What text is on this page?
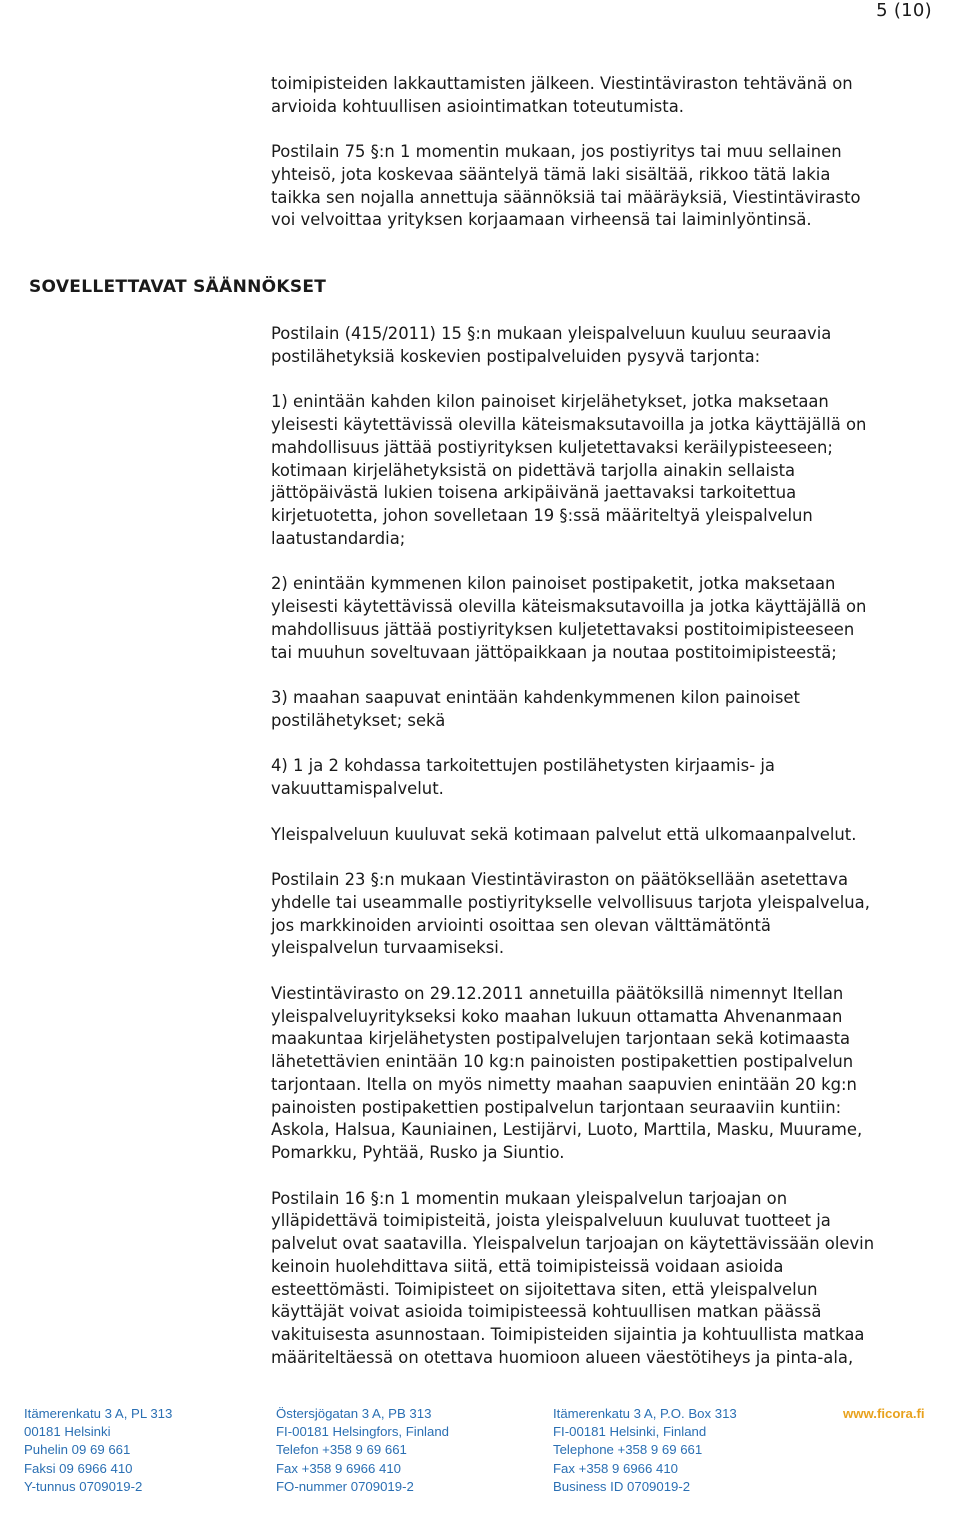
5 (10)
toimipisteiden lakkauttamisten jälkeen. Viestintäviraston tehtävänä on
arvioida kohtuullisen asiointimatkan toteutumista.
Postilain 75 §:n 1 momentin mukaan, jos postiyritys tai muu sellainen
yhteisö, jota koskevaa sääntelyä tämä laki sisältää, rikkoo tätä lakia
taikka sen nojalla annettuja säännöksiä tai määräyksiä, Viestintävirasto
voi velvoittaa yrityksen korjaamaan virheensä tai laiminlyöntinsä.
SOVELLETTAVAT SÄÄNNÖKSET
Postilain (415/2011) 15 §:n mukaan yleispalveluun kuuluu seuraavia
postilähetyksiä koskevien postipalveluiden pysyvä tarjonta:
1) enintään kahden kilon painoiset kirjelähetykset, jotka maksetaan
yleisesti käytettävissä olevilla käteismaksutavoilla ja jotka käyttäjällä on
mahdollisuus jättää postiyrityksen kuljetettavaksi keräilypisteeseen;
kotimaan kirjelähetyksistä on pidettävä tarjolla ainakin sellaista
jättöpäivästä lukien toisena arkipäivänä jaettavaksi tarkoitettua
kirjetuotetta, johon sovelletaan 19 §:ssä määriteltyä yleispalvelun
laatustandardia;
2) enintään kymmenen kilon painoiset postipaketit, jotka maksetaan
yleisesti käytettävissä olevilla käteismaksutavoilla ja jotka käyttäjällä on
mahdollisuus jättää postiyrityksen kuljetettavaksi postitoimipisteeseen
tai muuhun soveltuvaan jättöpaikkaan ja noutaa postitoimipisteestä;
3) maahan saapuvat enintään kahdenkymmenen kilon painoiset
postilähetykset; sekä
4) 1 ja 2 kohdassa tarkoitettujen postilähetysten kirjaamis- ja
vakuuttamispalvelut.
Yleispalveluun kuuluvat sekä kotimaan palvelut että ulkomaanpalvelut.
Postilain 23 §:n mukaan Viestintäviraston on päätöksellään asetettava
yhdelle tai useammalle postiyritykselle velvollisuus tarjota yleispalvelua,
jos markkinoiden arviointi osoittaa sen olevan välttämätöntä
yleispalvelun turvaamiseksi.
Viestintävirasto on 29.12.2011 annetuilla päätöksillä nimennyt Itellan
yleispalveluyritykseksi koko maahan lukuun ottamatta Ahvenanmaan
maakuntaa kirjelähetysten postipalvelujen tarjontaan sekä kotimaasta
lähetettävien enintään 10 kg:n painoisten postipakettien postipalvelun
tarjontaan. Itella on myös nimetty maahan saapuvien enintään 20 kg:n
painoisten postipakettien postipalvelun tarjontaan seuraaviin kuntiin:
Askola, Halsua, Kauniainen, Lestijärvi, Luoto, Marttila, Masku, Muurame,
Pomarkku, Pyhtää, Rusko ja Siuntio.
Postilain 16 §:n 1 momentin mukaan yleispalvelun tarjoajan on
ylläpidettävä toimipisteitä, joista yleispalveluun kuuluvat tuotteet ja
palvelut ovat saatavilla. Yleispalvelun tarjoajan on käytettävissään olevin
keinoin huolehdittava siitä, että toimipisteissä voidaan asioida
esteettömästi. Toimipisteet on sijoitettava siten, että yleispalvelun
käyttäjät voivat asioida toimipisteessä kohtuullisen matkan päässä
vakituisesta asunnostaan. Toimipisteiden sijaintia ja kohtuullista matkaa
määriteltäessä on otettava huomioon alueen väestötiheys ja pinta-ala,
Itämerenkatu 3 A, PL 313
00181 Helsinki
Puhelin 09 69 661
Faksi 09 6966 410
Y-tunnus 0709019-2
Östersjögatan 3 A, PB 313
FI-00181 Helsingfors, Finland
Telefon +358 9 69 661
Fax +358 9 6966 410
FO-nummer 0709019-2
Itämerenkatu 3 A, P.O. Box 313
FI-00181 Helsinki, Finland
Telephone +358 9 69 661
Fax +358 9 6966 410
Business ID 0709019-2
www.ficora.fi
